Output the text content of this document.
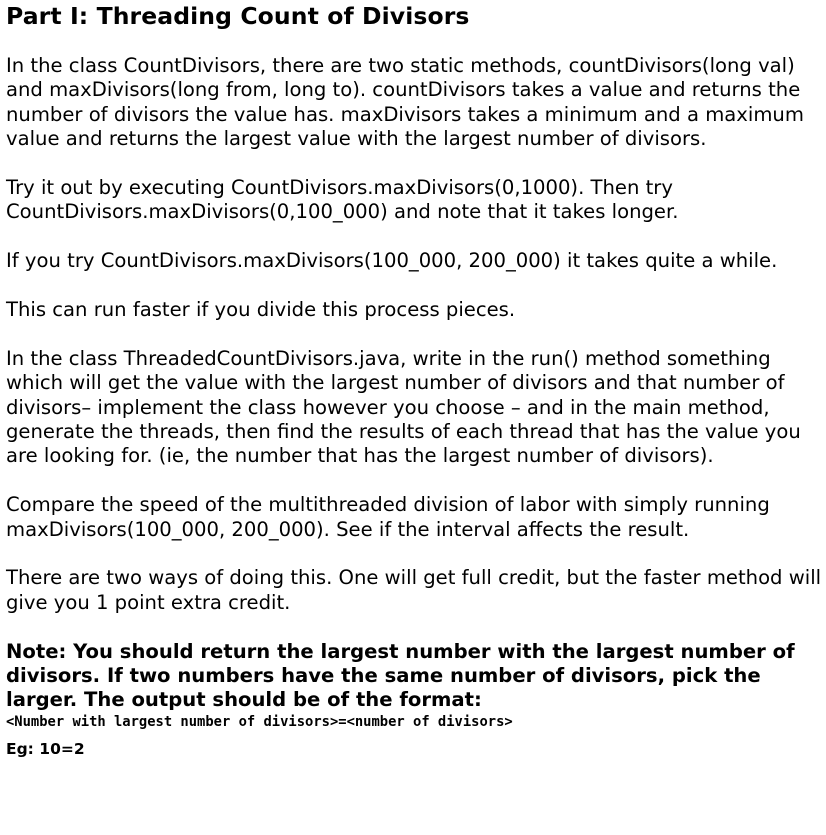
Part I: Threading Count of Divisors

In the class CountDivisors, there are two static methods, countDivisors(long val) and maxDivisors(long from, long to). countDivisors takes a value and returns the number of divisors the value has. maxDivisors takes a minimum and a maximum value and returns the largest value with the largest number of divisors.

Try it out by executing CountDivisors.maxDivisors(0,1000). Then try CountDivisors.maxDivisors(0,100_000) and note that it takes longer.

If you try CountDivisors.maxDivisors(100_000, 200_000) it takes quite a while.

This can run faster if you divide this process pieces.

In the class ThreadedCountDivisors.java, write in the run() method something which will get the value with the largest number of divisors and that number of divisors– implement the class however you choose – and in the main method, generate the threads, then find the results of each thread that has the value you are looking for. (ie, the number that has the largest number of divisors).

Compare the speed of the multithreaded division of labor with simply running maxDivisors(100_000, 200_000). See if the interval affects the result.

There are two ways of doing this. One will get full credit, but the faster method will give you 1 point extra credit.

Note: You should return the largest number with the largest number of divisors. If two numbers have the same number of divisors, pick the larger. The output should be of the format:

<Number with largest number of divisors>=<number of divisors>

Eg: 10=2
